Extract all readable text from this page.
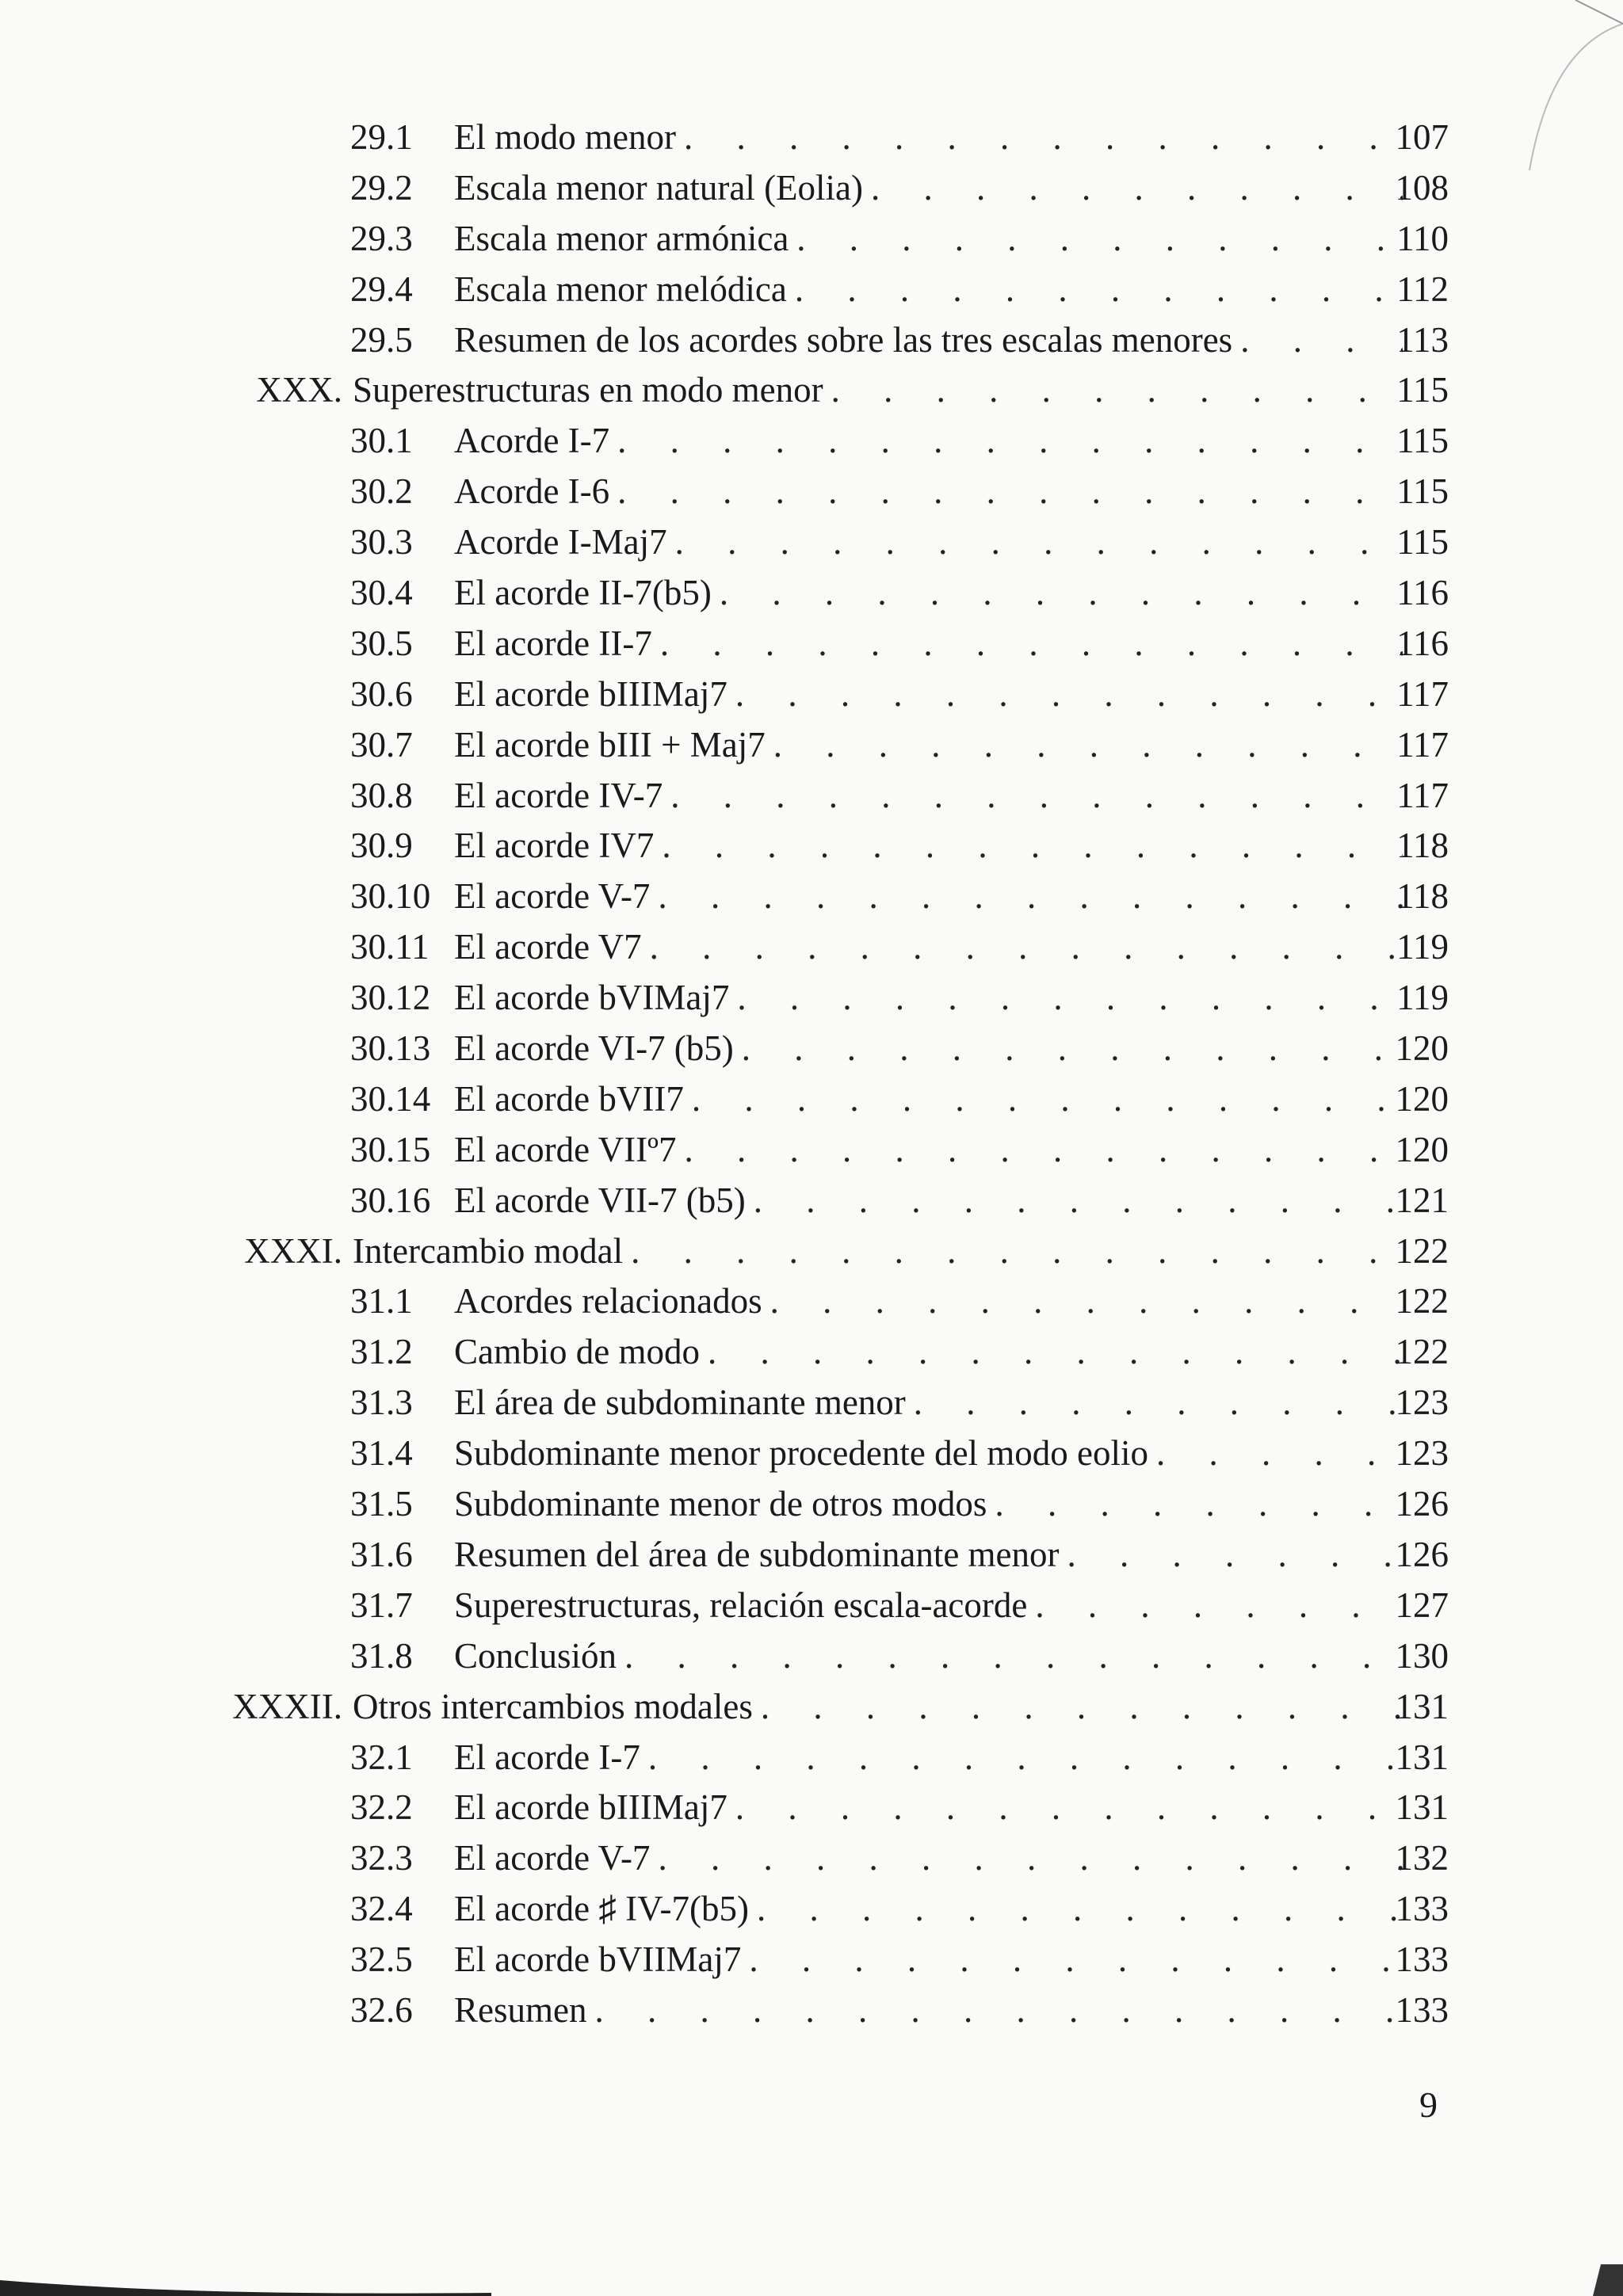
29.1 El modo menor . . .	107
29.2 Escala menor natural (Eolia) . . .	108
29.3 Escala menor armónica . . .	110
29.4 Escala menor melódica . . .	112
29.5 Resumen de los acordes sobre las tres escalas menores . . .	113
XXX. Superestructuras en modo menor . . .	115
30.1 Acorde I-7 . . .	115
30.2 Acorde I-6 . . .	115
30.3 Acorde I-Maj7 . . .	115
30.4 El acorde II-7(b5) . . .	116
30.5 El acorde II-7 . . .	116
30.6 El acorde bIIIMaj7 . . .	117
30.7 El acorde bIII + Maj7 . . .	117
30.8 El acorde IV-7 . . .	117
30.9 El acorde IV7 . . .	118
30.10 El acorde V-7 . . .	118
30.11 El acorde V7 . . .	119
30.12 El acorde bVIMaj7 . . .	119
30.13 El acorde VI-7 (b5) . . .	120
30.14 El acorde bVII7 . . .	120
30.15 El acorde VIIº7 . . .	120
30.16 El acorde VII-7 (b5) . . .	121
XXXI. Intercambio modal . . .	122
31.1 Acordes relacionados . . .	122
31.2 Cambio de modo . . .	122
31.3 El área de subdominante menor . . .	123
31.4 Subdominante menor procedente del modo eolio . . .	123
31.5 Subdominante menor de otros modos . . .	126
31.6 Resumen del área de subdominante menor . . .	126
31.7 Superestructuras, relación escala-acorde . . .	127
31.8 Conclusión . . .	130
XXXII. Otros intercambios modales . . .	131
32.1 El acorde I-7 . . .	131
32.2 El acorde bIIIMaj7 . . .	131
32.3 El acorde V-7 . . .	132
32.4 El acorde ♯ IV-7(b5) . . .	133
32.5 El acorde bVIIMaj7 . . .	133
32.6 Resumen . . .	133
9
